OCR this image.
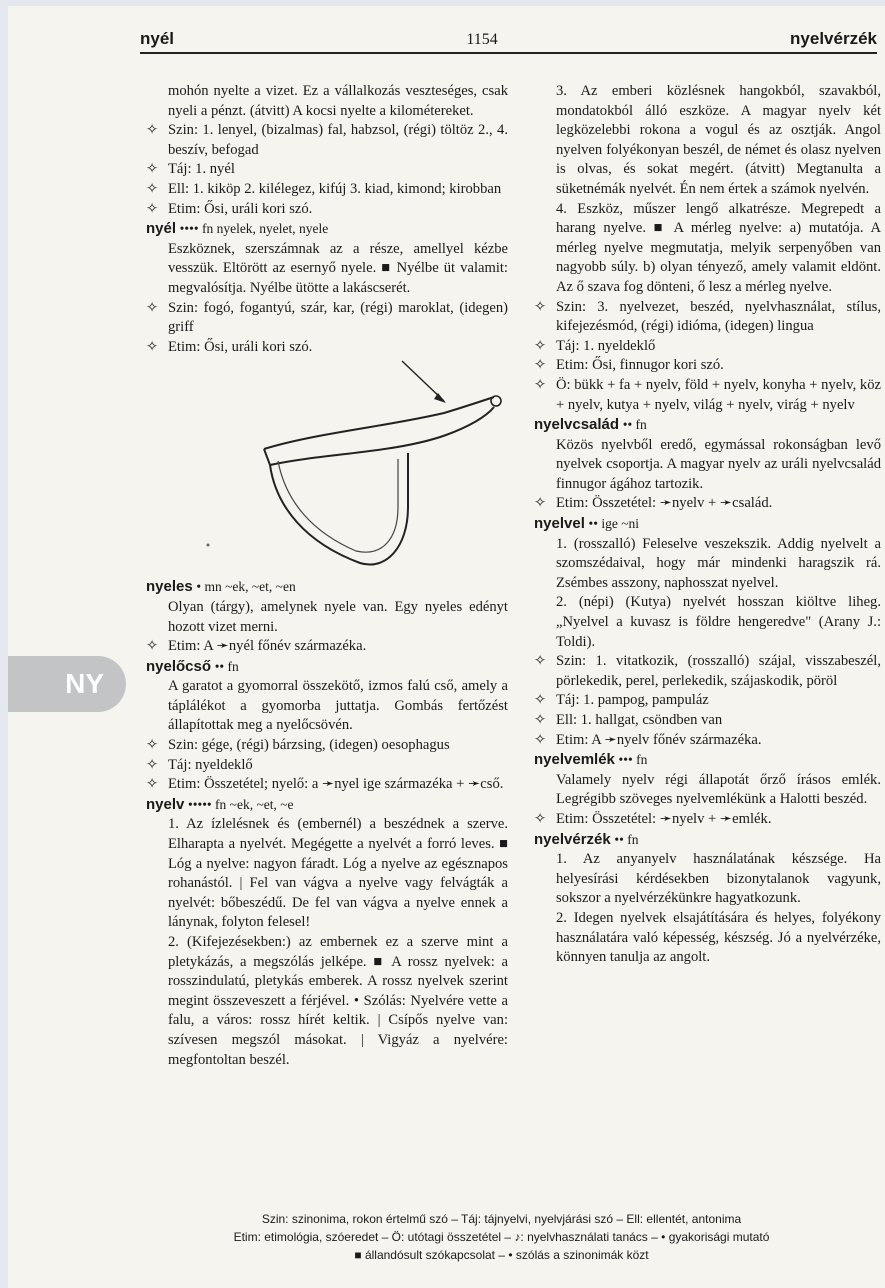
nyél	1154	nyelvérzék
mohón nyelte a vizet. Ez a vállalkozás veszteséges, csak nyeli a pénzt. (átvitt) A kocsi nyelte a kilométereket.
✧ Szin: 1. lenyel, (bizalmas) fal, habzsol, (régi) töltöz 2., 4. beszív, befogad
✧ Táj: 1. nyél
✧ Ell: 1. kiköp 2. kilélegez, kifúj 3. kiad, kimond; kirobban
✧ Etim: Ősi, uráli kori szó.
nyél •••• fn nyelek, nyelet, nyele
Eszköznek, szerszámnak az a része, amellyel kézbe vesszük. Eltörött az esernyő nyele. ■ Nyélbe üt valamit: megvalósítja. Nyélbe ütötte a lakáscserét.
✧ Szin: fogó, fogantyú, szár, kar, (régi) maroklat, (idegen) griff
✧ Etim: Ősi, uráli kori szó.
nyeles • mn ~ek, ~et, ~en
Olyan (tárgy), amelynek nyele van. Egy nyeles edényt hozott vizet merni.
✧ Etim: A ➛nyél főnév származéka.
nyelőcső •• fn
A garatot a gyomorral összekötő, izmos falú cső, amely a táplálékot a gyomorba juttatja. Gombás fertőzést állapítottak meg a nyelőcsövén.
✧ Szin: gége, (régi) bárzsing, (idegen) oesophagus
✧ Táj: nyeldeklő
✧ Etim: Összetétel; nyelő: a ➛nyel ige származéka + ➛cső.
nyelv ••••• fn ~ek, ~et, ~e
1. Az ízlelésnek és (embernél) a beszédnek a szerve. Elharapta a nyelvét. Megégette a nyelvét a forró leves. ■ Lóg a nyelve: nagyon fáradt. Lóg a nyelve az egésznapos rohanástól. | Fel van vágva a nyelve vagy felvágták a nyelvét: bőbeszédű. De fel van vágva a nyelve ennek a lánynak, folyton felesel!
2. (Kifejezésekben:) az embernek ez a szerve mint a pletykázás, a megszólás jelképe. ■ A rossz nyelvek: a rosszindulatú, pletykás emberek. A rossz nyelvek szerint megint összeveszett a férjével. • Szólás: Nyelvére vette a falu, a város: rossz hírét keltik. | Csípős nyelve van: szívesen megszól másokat. | Vigyáz a nyelvére: megfontoltan beszél.
3. Az emberi közlésnek hangokból, szavakból, mondatokból álló eszköze. A magyar nyelv két legközelebbi rokona a vogul és az osztják. Angol nyelven folyékonyan beszél, de német és olasz nyelven is olvas, és sokat megért. (átvitt) Megtanulta a süketnémák nyelvét. Én nem értek a számok nyelvén.
4. Eszköz, műszer lengő alkatrésze. Megrepedt a harang nyelve. ■ A mérleg nyelve: a) mutatója. A mérleg nyelve megmutatja, melyik serpenyőben van nagyobb súly. b) olyan tényező, amely valamit eldönt. Az ő szava fog dönteni, ő lesz a mérleg nyelve.
✧ Szin: 3. nyelvezet, beszéd, nyelvhasználat, stílus, kifejezésmód, (régi) idióma, (idegen) lingua
✧ Táj: 1. nyeldeklő
✧ Etim: Ősi, finnugor kori szó.
✧ Ö: bükk + fa + nyelv, föld + nyelv, konyha + nyelv, köz + nyelv, kutya + nyelv, világ + nyelv, virág + nyelv
nyelvcsalád •• fn
Közös nyelvből eredő, egymással rokonságban levő nyelvek csoportja. A magyar nyelv az uráli nyelvcsalád finnugor ágához tartozik.
✧ Etim: Összetétel: ➛nyelv + ➛család.
nyelvel •• ige ~ni
1. (rosszalló) Feleselve veszekszik. Addig nyelvelt a szomszédaival, hogy már mindenki haragszik rá. Zsémbes asszony, naphosszat nyelvel.
2. (népi) (Kutya) nyelvét hosszan kiöltve liheg. „Nyelvel a kuvasz is földre hengeredve" (Arany J.: Toldi).
✧ Szin: 1. vitatkozik, (rosszalló) szájal, visszabeszél, pörlekedik, perel, perlekedik, szájaskodik, pöröl
✧ Táj: 1. pampog, pampuláz
✧ Ell: 1. hallgat, csöndben van
✧ Etim: A ➛nyelv főnév származéka.
nyelvemlék ••• fn
Valamely nyelv régi állapotát őrző írásos emlék. Legrégibb szöveges nyelvemlékünk a Halotti beszéd.
✧ Etim: Összetétel: ➛nyelv + ➛emlék.
nyelvérzék •• fn
1. Az anyanyelv használatának készsége. Ha helyesírási kérdésekben bizonytalanok vagyunk, sokszor a nyelvérzékünkre hagyatkozunk.
2. Idegen nyelvek elsajátítására és helyes, folyékony használatára való képesség, készség. Jó a nyelvérzéke, könnyen tanulja az angolt.
NY
Szin: szinonima, rokon értelmű szó – Táj: tájnyelvi, nyelvjárási szó – Ell: ellentét, antonima
Etim: etimológia, szóeredet – Ö: utótagi összetétel – ♪: nyelvhasználati tanács – • gyakorisági mutató
■ állandósult szókapcsolat – • szólás a szinonimák közt
